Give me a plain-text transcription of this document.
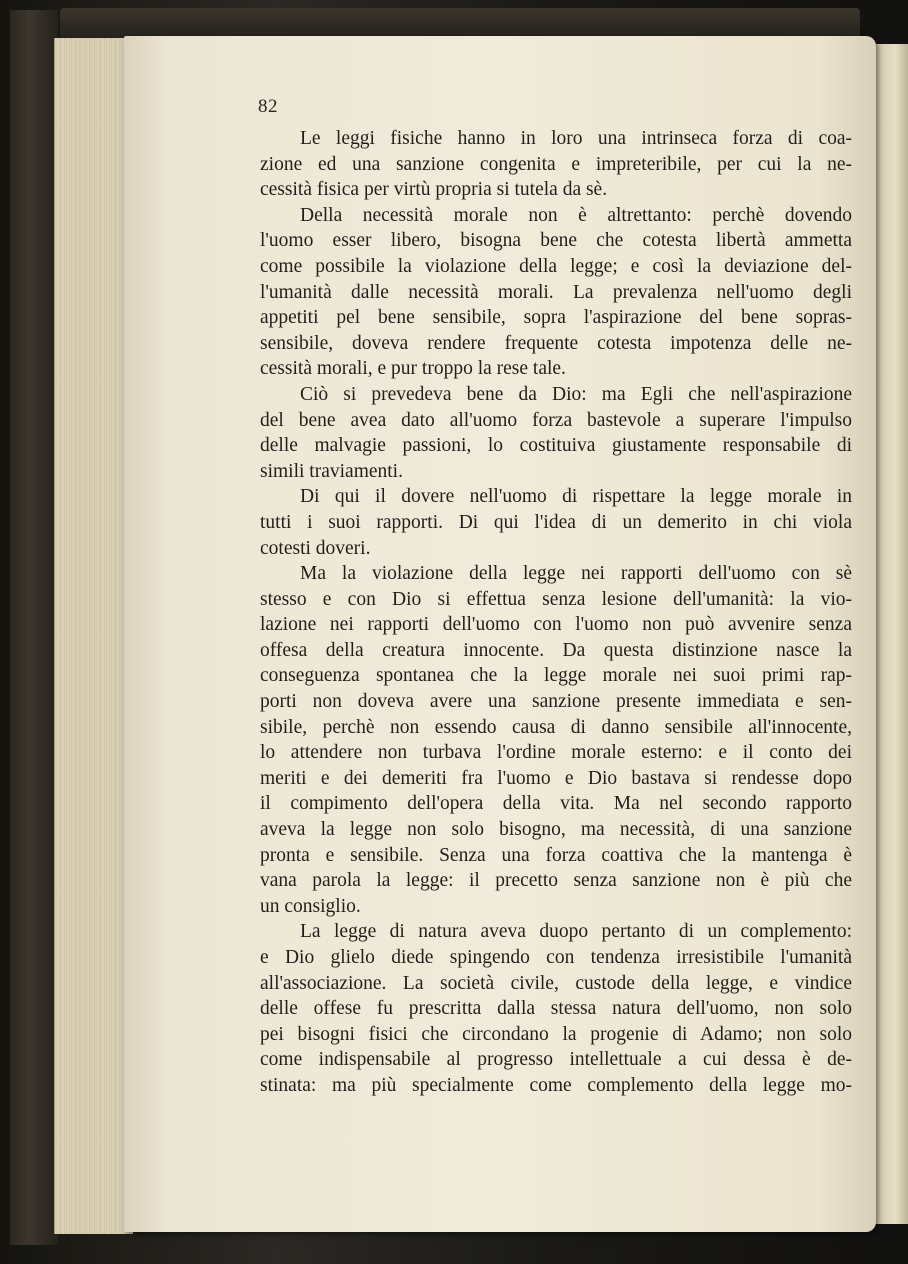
82
Le leggi fisiche hanno in loro una intrinseca forza di coa-
zione ed una sanzione congenita e impreteribile, per cui la ne-
cessità fisica per virtù propria si tutela da sè.
Della necessità morale non è altrettanto: perchè dovendo
l'uomo esser libero, bisogna bene che cotesta libertà ammetta
come possibile la violazione della legge; e così la deviazione del-
l'umanità dalle necessità morali. La prevalenza nell'uomo degli
appetiti pel bene sensibile, sopra l'aspirazione del bene sopras-
sensibile, doveva rendere frequente cotesta impotenza delle ne-
cessità morali, e pur troppo la rese tale.
Ciò si prevedeva bene da Dio: ma Egli che nell'aspirazione
del bene avea dato all'uomo forza bastevole a superare l'impulso
delle malvagie passioni, lo costituiva giustamente responsabile di
simili traviamenti.
Di qui il dovere nell'uomo di rispettare la legge morale in
tutti i suoi rapporti. Di qui l'idea di un demerito in chi viola
cotesti doveri.
Ma la violazione della legge nei rapporti dell'uomo con sè
stesso e con Dio si effettua senza lesione dell'umanità: la vio-
lazione nei rapporti dell'uomo con l'uomo non può avvenire senza
offesa della creatura innocente. Da questa distinzione nasce la
conseguenza spontanea che la legge morale nei suoi primi rap-
porti non doveva avere una sanzione presente immediata e sen-
sibile, perchè non essendo causa di danno sensibile all'innocente,
lo attendere non turbava l'ordine morale esterno: e il conto dei
meriti e dei demeriti fra l'uomo e Dio bastava si rendesse dopo
il compimento dell'opera della vita. Ma nel secondo rapporto
aveva la legge non solo bisogno, ma necessità, di una sanzione
pronta e sensibile. Senza una forza coattiva che la mantenga è
vana parola la legge: il precetto senza sanzione non è più che
un consiglio.
La legge di natura aveva duopo pertanto di un complemento:
e Dio glielo diede spingendo con tendenza irresistibile l'umanità
all'associazione. La società civile, custode della legge, e vindice
delle offese fu prescritta dalla stessa natura dell'uomo, non solo
pei bisogni fisici che circondano la progenie di Adamo; non solo
come indispensabile al progresso intellettuale a cui dessa è de-
stinata: ma più specialmente come complemento della legge mo-
